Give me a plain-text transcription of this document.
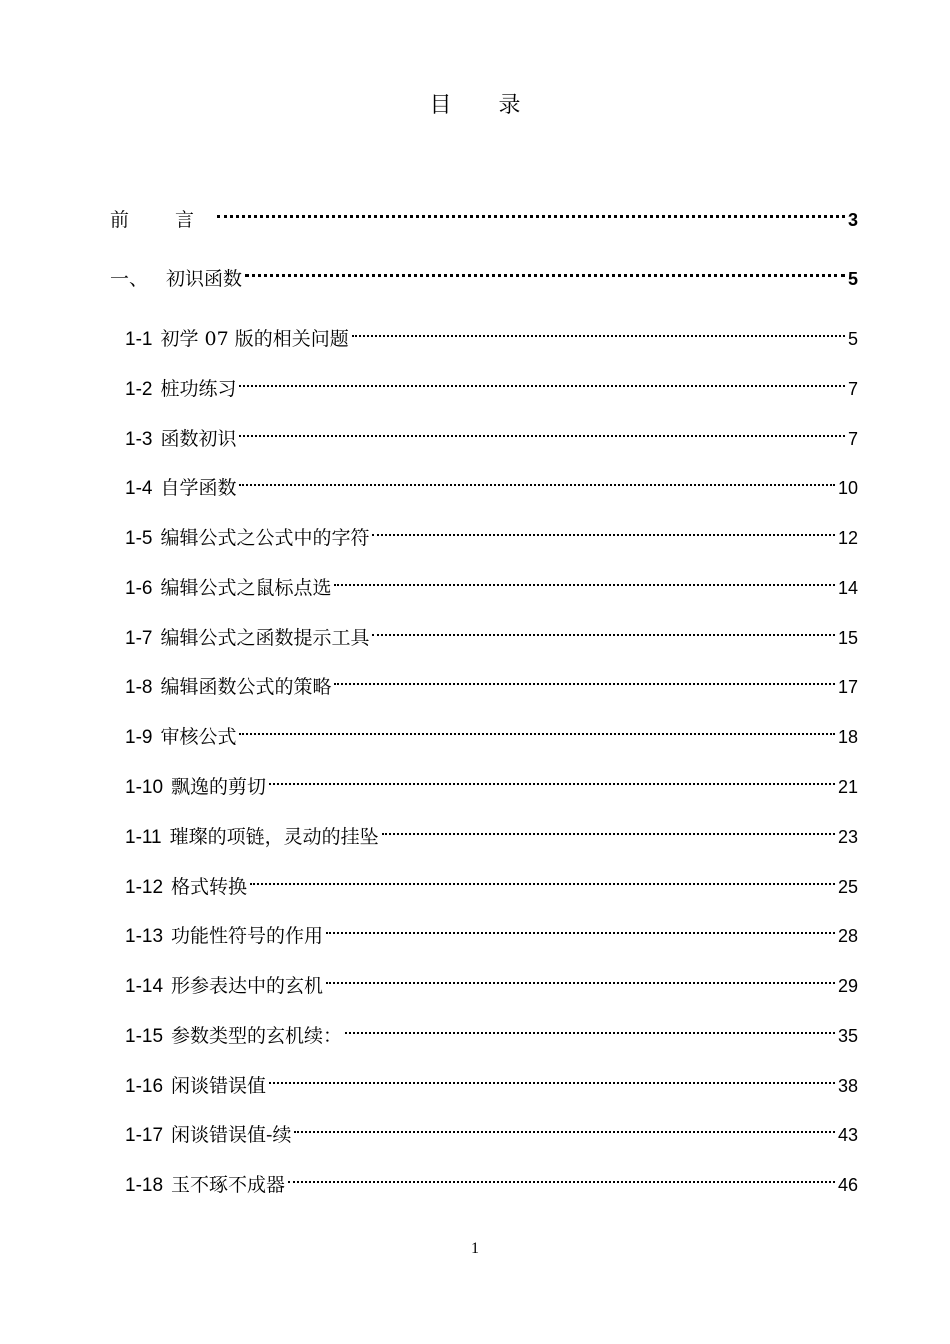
目 录
前 言	3
一、 初识函数	5
1-1 初学 07 版的相关问题	5
1-2 桩功练习	7
1-3 函数初识	7
1-4 自学函数	10
1-5 编辑公式之公式中的字符	12
1-6 编辑公式之鼠标点选	14
1-7 编辑公式之函数提示工具	15
1-8 编辑函数公式的策略	17
1-9 审核公式	18
1-10 飘逸的剪切	21
1-11 璀璨的项链，灵动的挂坠	23
1-12 格式转换	25
1-13 功能性符号的作用	28
1-14 形参表达中的玄机	29
1-15 参数类型的玄机续：	35
1-16 闲谈错误值	38
1-17 闲谈错误值-续	43
1-18 玉不琢不成器	46
1
